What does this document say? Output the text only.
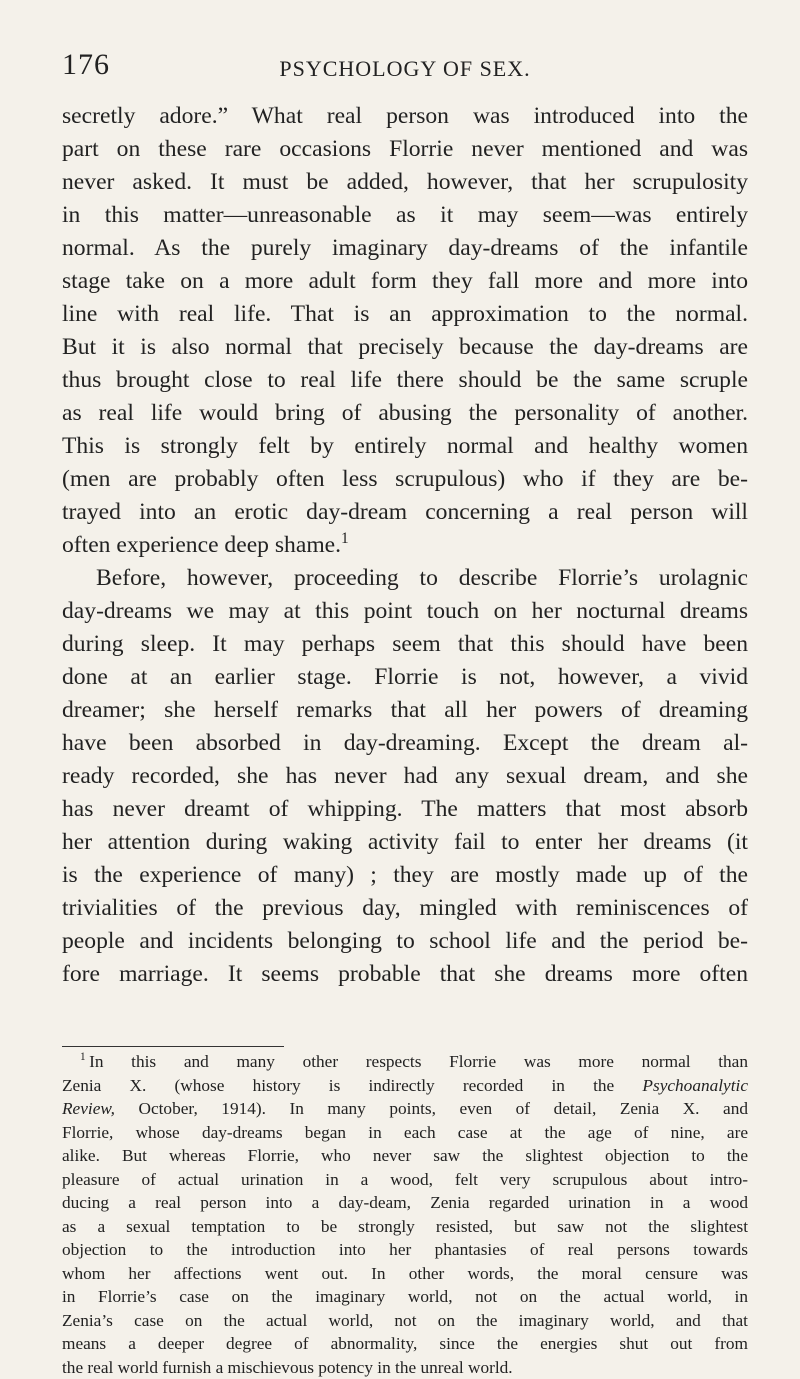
176	PSYCHOLOGY OF SEX.
secretly adore.” What real person was introduced into the
part on these rare occasions Florrie never mentioned and was
never asked. It must be added, however, that her scrupulosity
in this matter—unreasonable as it may seem—was entirely
normal. As the purely imaginary day-dreams of the infantile
stage take on a more adult form they fall more and more into
line with real life. That is an approximation to the normal.
But it is also normal that precisely because the day-dreams are
thus brought close to real life there should be the same scruple
as real life would bring of abusing the personality of another.
This is strongly felt by entirely normal and healthy women
(men are probably often less scrupulous) who if they are be-
trayed into an erotic day-dream concerning a real person will
often experience deep shame.$^1$
Before, however, proceeding to describe Florrie’s urolagnic
day-dreams we may at this point touch on her nocturnal dreams
during sleep. It may perhaps seem that this should have been
done at an earlier stage. Florrie is not, however, a vivid
dreamer; she herself remarks that all her powers of dreaming
have been absorbed in day-dreaming. Except the dream al-
ready recorded, she has never had any sexual dream, and she
has never dreamt of whipping. The matters that most absorb
her attention during waking activity fail to enter her dreams (it
is the experience of many) ; they are mostly made up of the
trivialities of the previous day, mingled with reminiscences of
people and incidents belonging to school life and the period be-
fore marriage. It seems probable that she dreams more often
$^1$  In this and many other respects Florrie was more normal than
Zenia X. (whose history is indirectly recorded in the Psychoanalytic
Review, October, 1914). In many points, even of detail, Zenia X. and
Florrie, whose day-dreams began in each case at the age of nine, are
alike. But whereas Florrie, who never saw the slightest objection to the
pleasure of actual urination in a wood, felt very scrupulous about intro-
ducing a real person into a day-deam, Zenia regarded urination in a wood
as a sexual temptation to be strongly resisted, but saw not the slightest
objection to the introduction into her phantasies of real persons towards
whom her affections went out. In other words, the moral censure was
in Florrie’s case on the imaginary world, not on the actual world, in
Zenia’s case on the actual world, not on the imaginary world, and that
means a deeper degree of abnormality, since the energies shut out from
the real world furnish a mischievous potency in the unreal world.
